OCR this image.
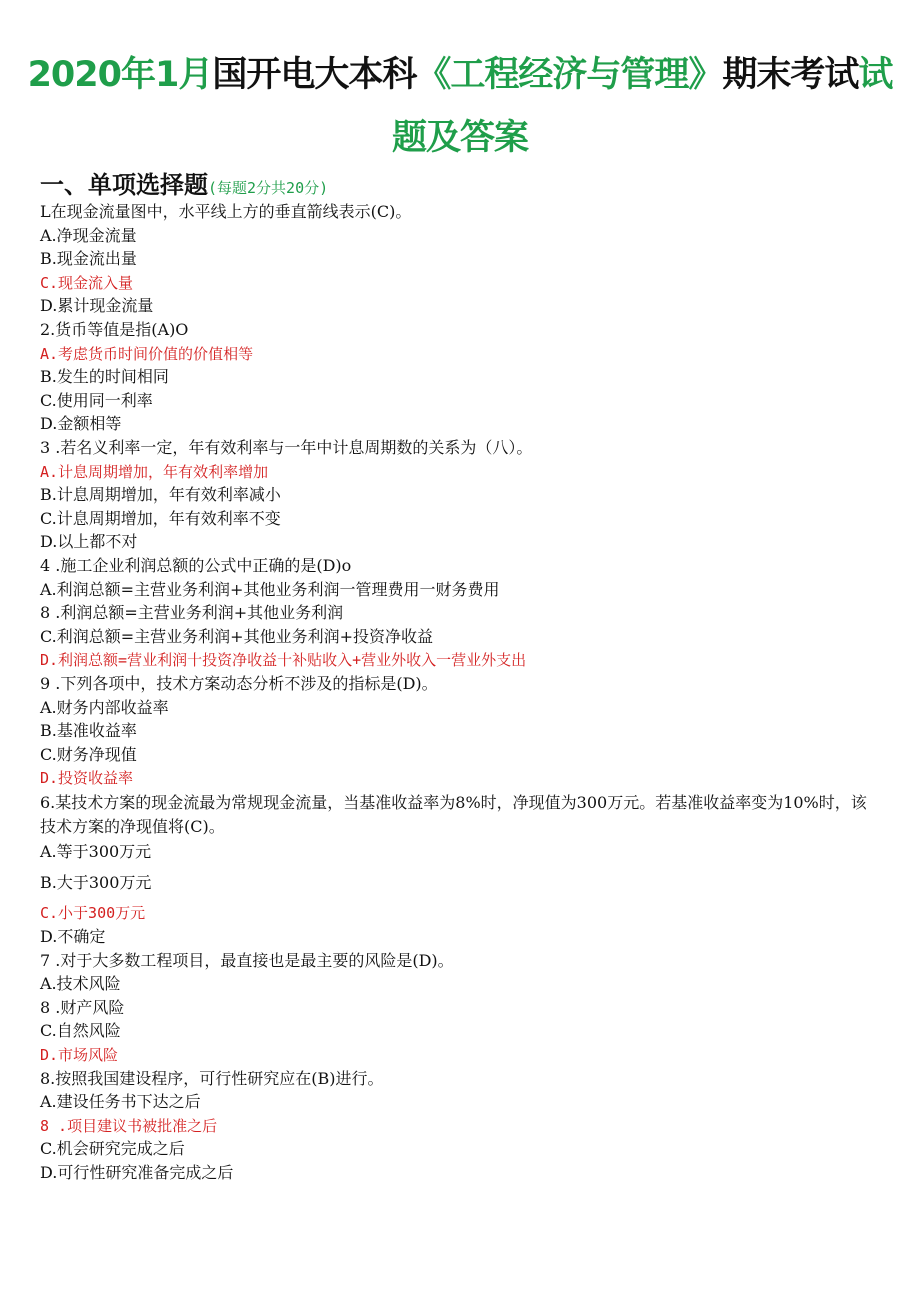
2020年1月国开电大本科《工程经济与管理》期末考试试
题及答案
一、单项选择题(每题2分共20分)
L在现金流量图中，水平线上方的垂直箭线表示(C)。
A.净现金流量
B.现金流出量
C.现金流入量
D.累计现金流量
2.货币等值是指(A)O
A.考虑货币时间价值的价值相等
B.发生的时间相同
C.使用同一利率
D.金额相等
3 .若名义利率一定，年有效利率与一年中计息周期数的关系为（八）。
A.计息周期增加，年有效利率增加
B.计息周期增加，年有效利率减小
C.计息周期增加，年有效利率不变
D.以上都不对
4 .施工企业利润总额的公式中正确的是(D)o
A.利润总额=主营业务利润+其他业务利润一管理费用一财务费用
8 .利润总额=主营业务利润+其他业务利润
C.利润总额=主营业务利润+其他业务利润+投资净收益
D.利润总额=营业利润十投资净收益十补贴收入+营业外收入一营业外支出
9 .下列各项中，技术方案动态分析不涉及的指标是(D)。
A.财务内部收益率
B.基准收益率
C.财务净现值
D.投资收益率
6.某技术方案的现金流最为常规现金流量，当基准收益率为8%时，净现值为300万元。若基准收益率变为10%时，该技术方案的净现值将(C)。
A.等于300万元
B.大于300万元
C.小于300万元
D.不确定
7 .对于大多数工程项目，最直接也是最主要的风险是(D)。
A.技术风险
8 .财产风险
C.自然风险
D.市场风险
8.按照我国建设程序，可行性研究应在(B)进行。
A.建设任务书下达之后
8 .项目建议书被批准之后
C.机会研究完成之后
D.可行性研究准备完成之后
